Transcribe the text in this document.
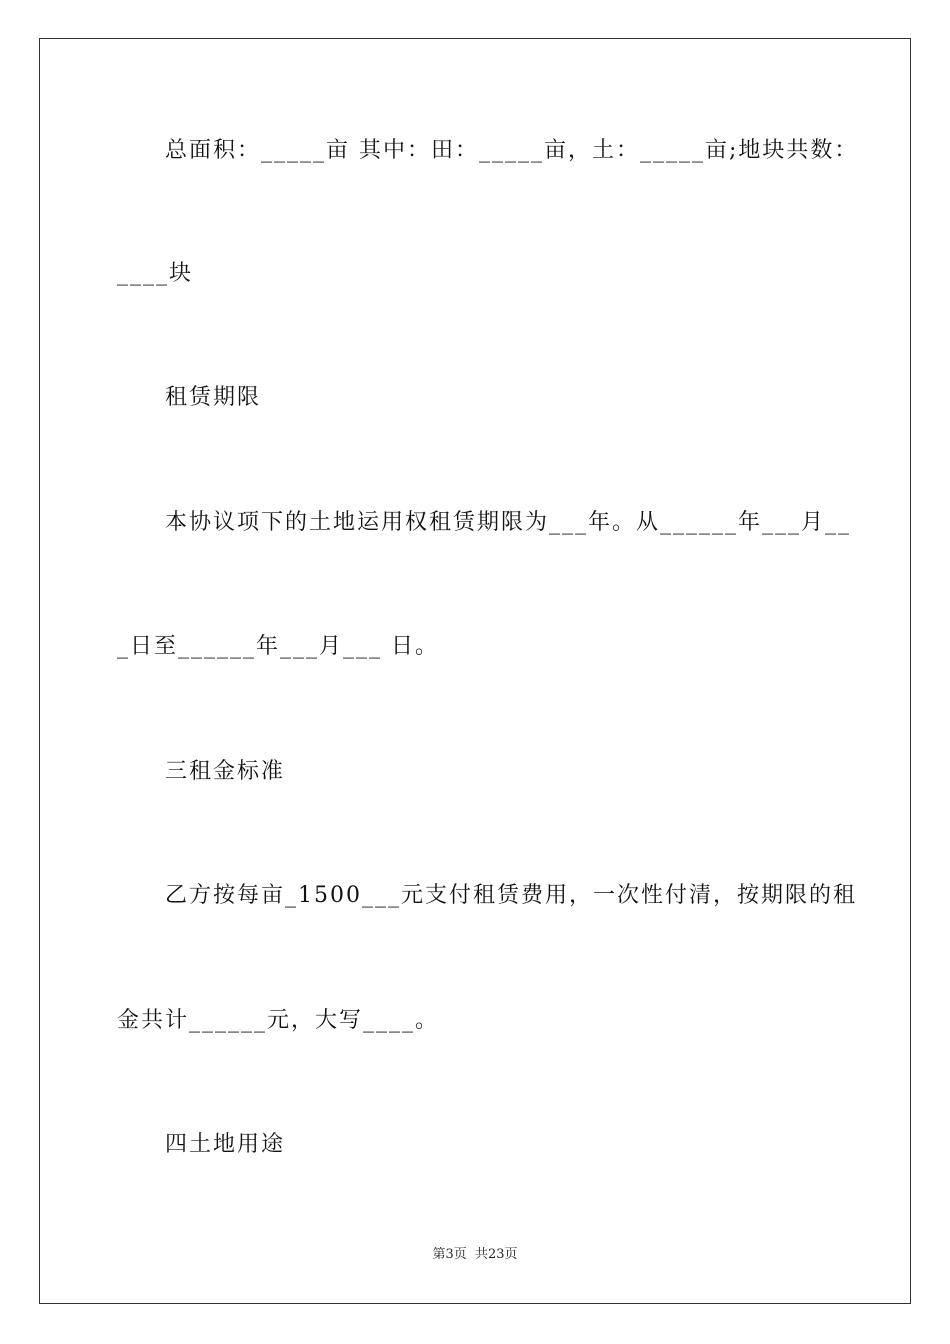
总面积：_____亩 其中：田：_____亩，土：_____亩;地块共数：
____块
租赁期限
本协议项下的土地运用权租赁期限为___年。从______年___月__
_日至______年___月___ 日。
三租金标准
乙方按每亩_1500___元支付租赁费用，一次性付清，按期限的租
金共计______元，大写____。
四土地用途
第3页  共23页
